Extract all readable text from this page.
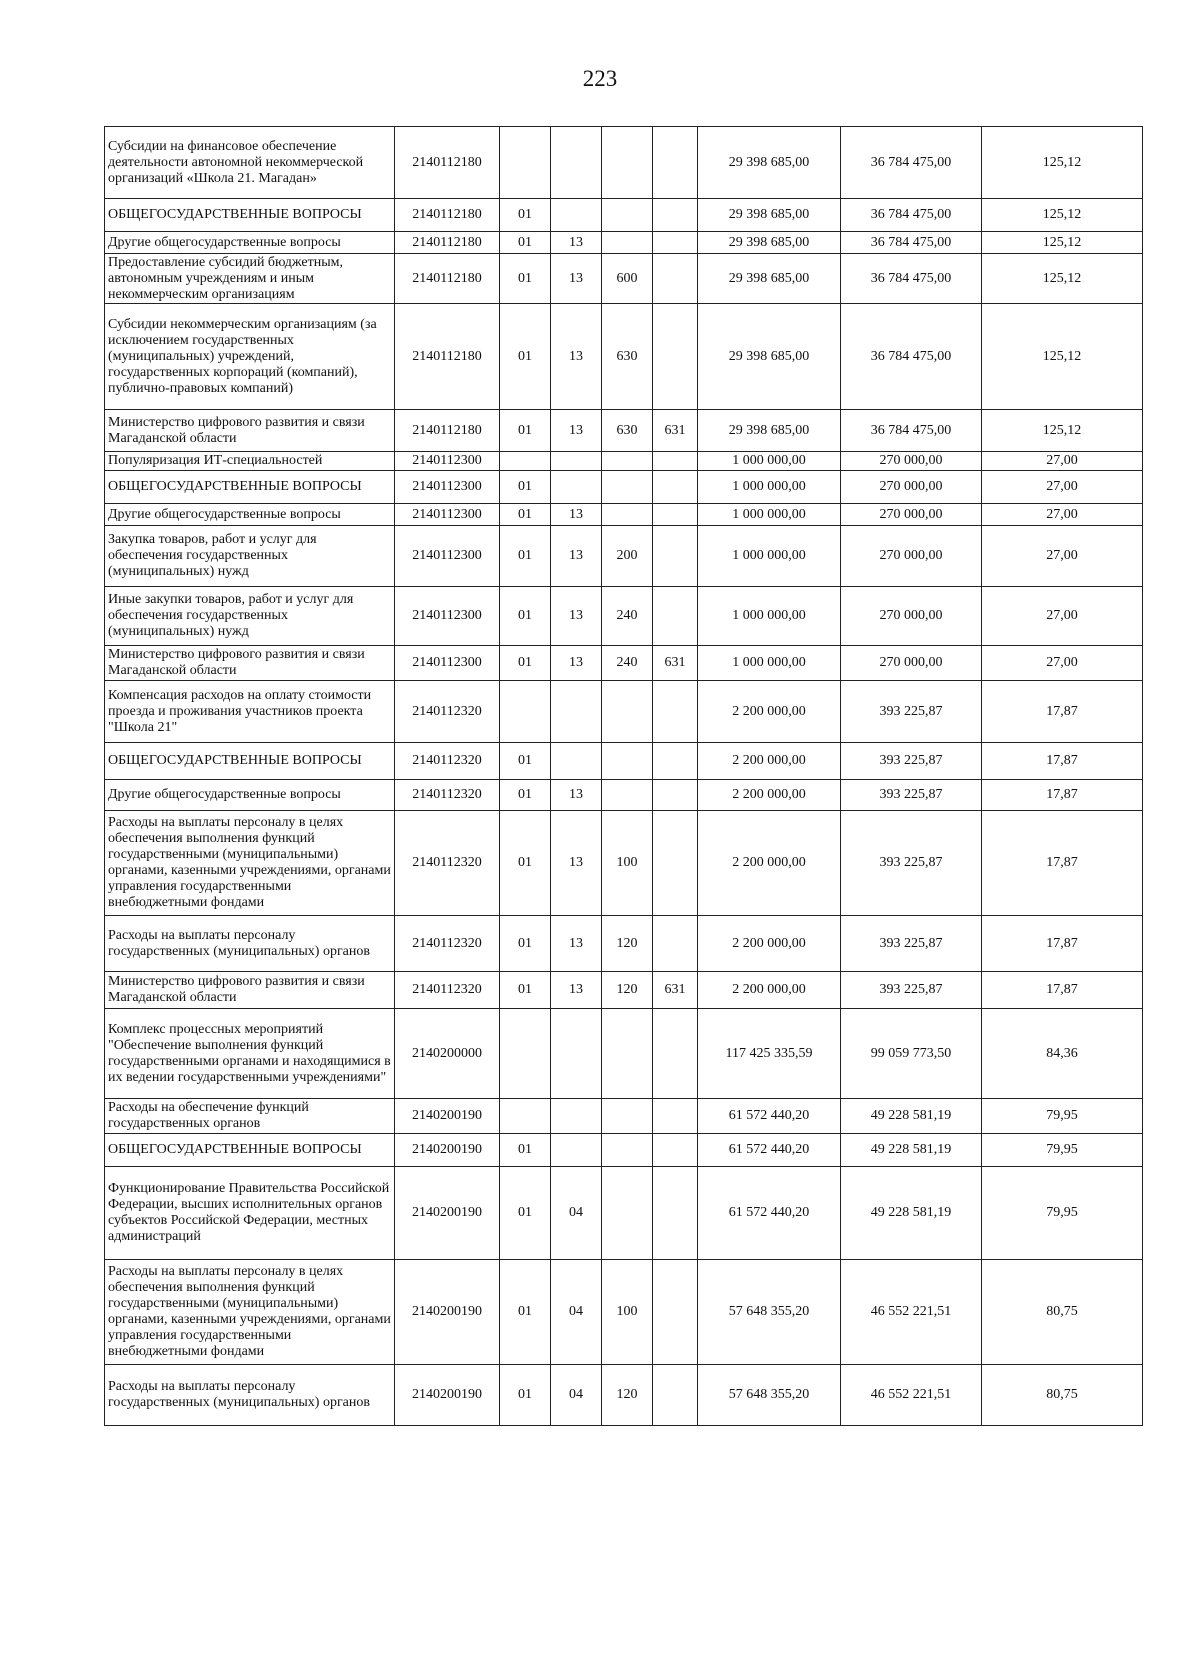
223
Субсидии на финансовое обеспечение деятельности автономной некоммерческой организаций «Школа 21. Магадан»	2140112180					29 398 685,00	36 784 475,00	125,12
ОБЩЕГОСУДАРСТВЕННЫЕ ВОПРОСЫ	2140112180	01				29 398 685,00	36 784 475,00	125,12
Другие общегосударственные вопросы	2140112180	01	13			29 398 685,00	36 784 475,00	125,12
Предоставление субсидий бюджетным, автономным учреждениям и иным некоммерческим организациям	2140112180	01	13	600		29 398 685,00	36 784 475,00	125,12
Субсидии некоммерческим организациям (за исключением государственных (муниципальных) учреждений, государственных корпораций (компаний), публично-правовых компаний)	2140112180	01	13	630		29 398 685,00	36 784 475,00	125,12
Министерство цифрового развития и связи Магаданской области	2140112180	01	13	630	631	29 398 685,00	36 784 475,00	125,12
Популяризация ИТ-специальностей	2140112300					1 000 000,00	270 000,00	27,00
ОБЩЕГОСУДАРСТВЕННЫЕ ВОПРОСЫ	2140112300	01				1 000 000,00	270 000,00	27,00
Другие общегосударственные вопросы	2140112300	01	13			1 000 000,00	270 000,00	27,00
Закупка товаров, работ и услуг для обеспечения государственных (муниципальных) нужд	2140112300	01	13	200		1 000 000,00	270 000,00	27,00
Иные закупки товаров, работ и услуг для обеспечения государственных (муниципальных) нужд	2140112300	01	13	240		1 000 000,00	270 000,00	27,00
Министерство цифрового развития и связи Магаданской области	2140112300	01	13	240	631	1 000 000,00	270 000,00	27,00
Компенсация расходов на оплату стоимости проезда и проживания участников проекта "Школа 21"	2140112320					2 200 000,00	393 225,87	17,87
ОБЩЕГОСУДАРСТВЕННЫЕ ВОПРОСЫ	2140112320	01				2 200 000,00	393 225,87	17,87
Другие общегосударственные вопросы	2140112320	01	13			2 200 000,00	393 225,87	17,87
Расходы на выплаты персоналу в целях обеспечения выполнения функций государственными (муниципальными) органами, казенными учреждениями, органами управления государственными внебюджетными фондами	2140112320	01	13	100		2 200 000,00	393 225,87	17,87
Расходы на выплаты персоналу государственных (муниципальных) органов	2140112320	01	13	120		2 200 000,00	393 225,87	17,87
Министерство цифрового развития и связи Магаданской области	2140112320	01	13	120	631	2 200 000,00	393 225,87	17,87
Комплекс процессных мероприятий "Обеспечение выполнения функций государственными органами и находящимися в их ведении государственными учреждениями"	2140200000					117 425 335,59	99 059 773,50	84,36
Расходы на обеспечение функций государственных органов	2140200190					61 572 440,20	49 228 581,19	79,95
ОБЩЕГОСУДАРСТВЕННЫЕ ВОПРОСЫ	2140200190	01				61 572 440,20	49 228 581,19	79,95
Функционирование Правительства Российской Федерации, высших исполнительных органов субъектов Российской Федерации, местных администраций	2140200190	01	04			61 572 440,20	49 228 581,19	79,95
Расходы на выплаты персоналу в целях обеспечения выполнения функций государственными (муниципальными) органами, казенными учреждениями, органами управления государственными внебюджетными фондами	2140200190	01	04	100		57 648 355,20	46 552 221,51	80,75
Расходы на выплаты персоналу государственных (муниципальных) органов	2140200190	01	04	120		57 648 355,20	46 552 221,51	80,75
